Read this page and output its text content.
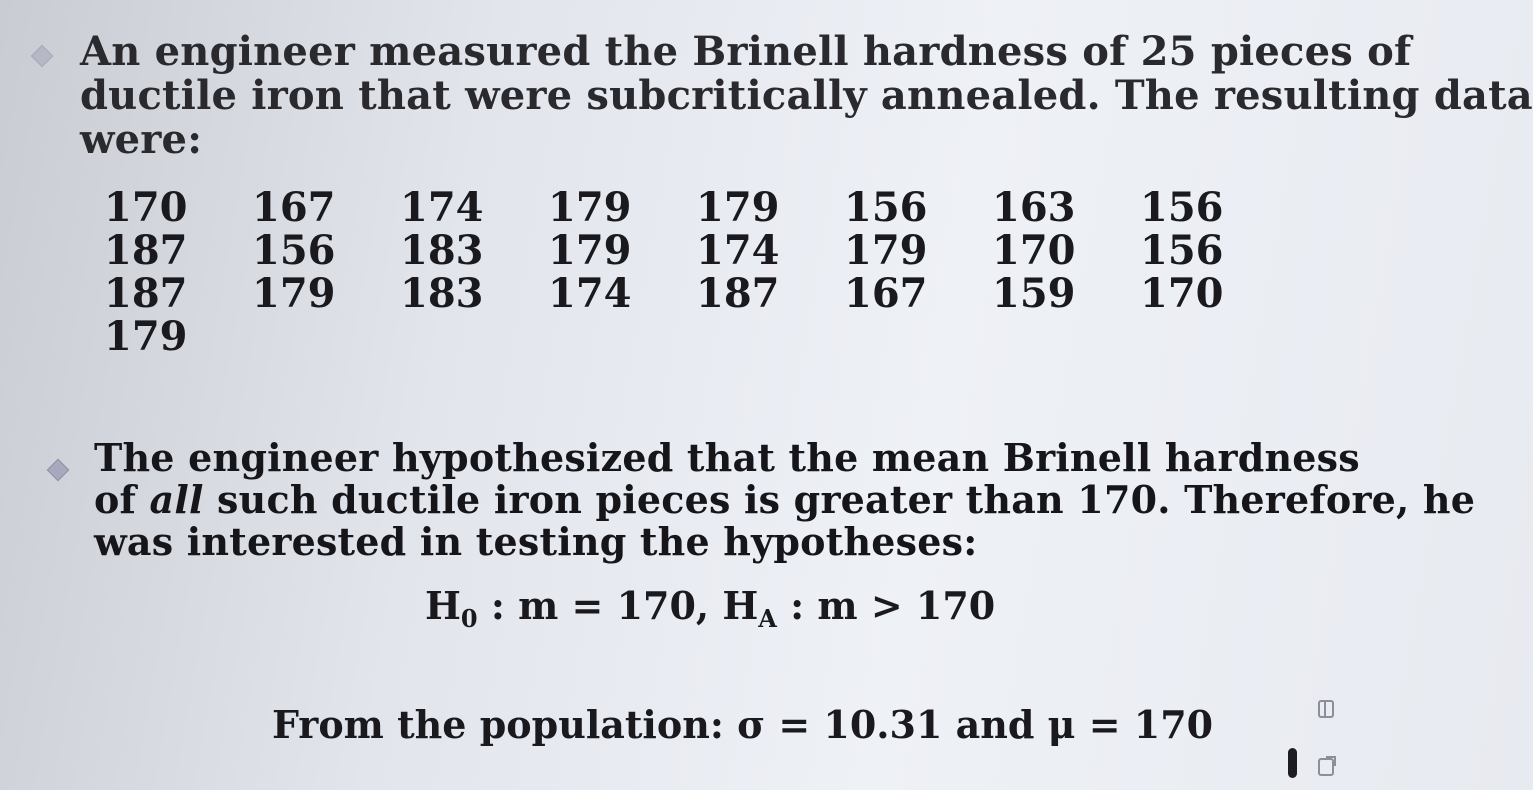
An engineer measured the Brinell hardness of 25 pieces of
ductile iron that were subcritically annealed. The resulting data
were:

170	167	174	179	179	156	163	156
187	156	183	179	174	179	170	156
187	179	183	174	187	167	159	170
179

The engineer hypothesized that the mean Brinell hardness
of all such ductile iron pieces is greater than 170. Therefore, he
was interested in testing the hypotheses:

$H_0$ : m = 170, $H_A$ : m > 170
From the population: σ = 10.31 and μ = 170
